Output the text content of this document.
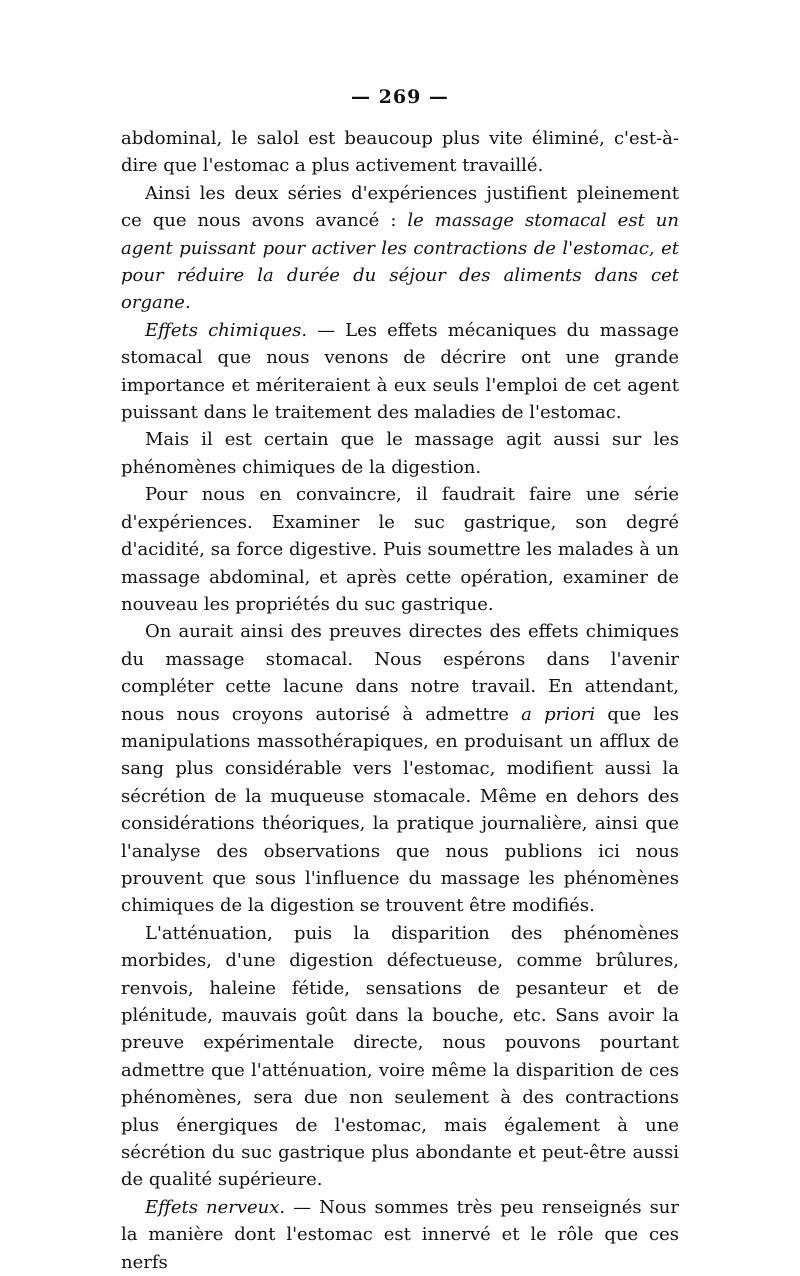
— 269 —

abdominal, le salol est beaucoup plus vite éliminé, c'est-à-dire que l'estomac a plus activement travaillé.

Ainsi les deux séries d'expériences justifient pleinement ce que nous avons avancé : le massage stomacal est un agent puissant pour activer les contractions de l'estomac, et pour réduire la durée du séjour des aliments dans cet organe.

Effets chimiques. — Les effets mécaniques du massage stomacal que nous venons de décrire ont une grande importance et mériteraient à eux seuls l'emploi de cet agent puissant dans le traitement des maladies de l'estomac.

Mais il est certain que le massage agit aussi sur les phénomènes chimiques de la digestion.

Pour nous en convaincre, il faudrait faire une série d'expériences. Examiner le suc gastrique, son degré d'acidité, sa force digestive. Puis soumettre les malades à un massage abdominal, et après cette opération, examiner de nouveau les propriétés du suc gastrique.

On aurait ainsi des preuves directes des effets chimiques du massage stomacal. Nous espérons dans l'avenir compléter cette lacune dans notre travail. En attendant, nous nous croyons autorisé à admettre a priori que les manipulations massothérapiques, en produisant un afflux de sang plus considérable vers l'estomac, modifient aussi la sécrétion de la muqueuse stomacale. Même en dehors des considérations théoriques, la pratique journalière, ainsi que l'analyse des observations que nous publions ici nous prouvent que sous l'influence du massage les phénomènes chimiques de la digestion se trouvent être modifiés.

L'atténuation, puis la disparition des phénomènes morbides, d'une digestion défectueuse, comme brûlures, renvois, haleine fétide, sensations de pesanteur et de plénitude, mauvais goût dans la bouche, etc. Sans avoir la preuve expérimentale directe, nous pouvons pourtant admettre que l'atténuation, voire même la disparition de ces phénomènes, sera due non seulement à des contractions plus énergiques de l'estomac, mais également à une sécrétion du suc gastrique plus abondante et peut-être aussi de qualité supérieure.

Effets nerveux. — Nous sommes très peu renseignés sur la manière dont l'estomac est innervé et le rôle que ces nerfs
